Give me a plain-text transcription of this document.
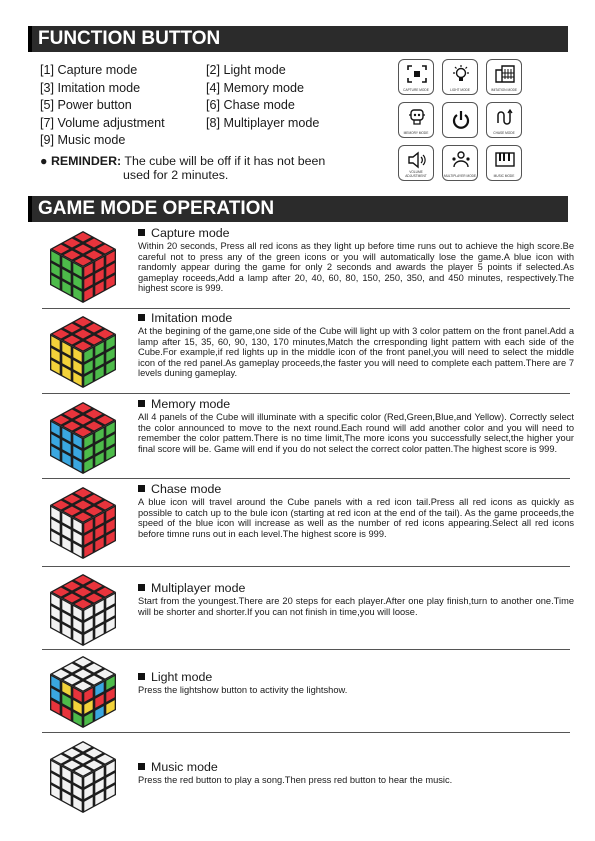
FUNCTION BUTTON
[1] Capture mode	[2] Light mode
[3] Imitation mode	[4] Memory mode
[5] Power button	[6] Chase mode
[7] Volume adjustment	[8] Multiplayer mode
[9] Music mode
● REMINDER: The cube will be off if it has not been
used for 2 minutes.
CAPTURE MODE	LIGHT MODE	IMITATION MODE
MEMORY MODE	CHASE MODE
VOLUME ADJUSTMENT	MULTIPLAYER MODE	MUSIC MODE
GAME MODE OPERATION
Capture mode
Within 20 seconds, Press all red icons as they light up before time runs out to achieve the high score.Be careful not to press any of the green icons or you will automatically lose the game.A blue icon with randomly appear during the game for only 2 seconds and awards the player 5 points if selected.As gameplay roceeds,Add a lamp after 20, 40, 60, 80, 150, 250, 350, and 450 minutes, respectively.The highest score is 999.
Imitation mode
At the begining of the game,one side of the Cube will light up with 3 color pattem on the front panel.Add a lamp after 15, 35, 60, 90, 130, 170 minutes,Match the crresponding light pattem with each side of the Cube.For example,if red lights up in the middle icon of the front panel,you will need to select the middle icon of the red panel.As gameplay proceeds,the faster you will need to complete each pattem.There are 7 levels duning gameplay.
Memory mode
All 4 panels of the Cube will illuminate with a specific color (Red,Green,Blue,and Yellow). Correctly select the color announced to move to the next round.Each round will add another color and you will need to remember the color pattem.There is no time limit,The more icons you successfully select,the higher your final score will be. Game will end if you do not select the correct color patten.The highest score is 999.
Chase mode
A blue icon will travel around the Cube panels with a red icon tail.Press all red icons as quickly as possible to catch up to the bule icon (starting at red icon at the end of the tail). As the game proceeds,the speed of the blue icon will increase as well as the number of red icons appearing.Select all red icons before timne runs out in each level.The highest score is 999.
Multiplayer mode
Start from the youngest.There are 20 steps for each player.After one play finish,turn to another one.Time will be shorter and shorter.If you can not finish in time,you will loose.
Light mode
Press the lightshow button to activity the lightshow.
Music mode
Press the red button to play a song.Then press red button to hear the music.
